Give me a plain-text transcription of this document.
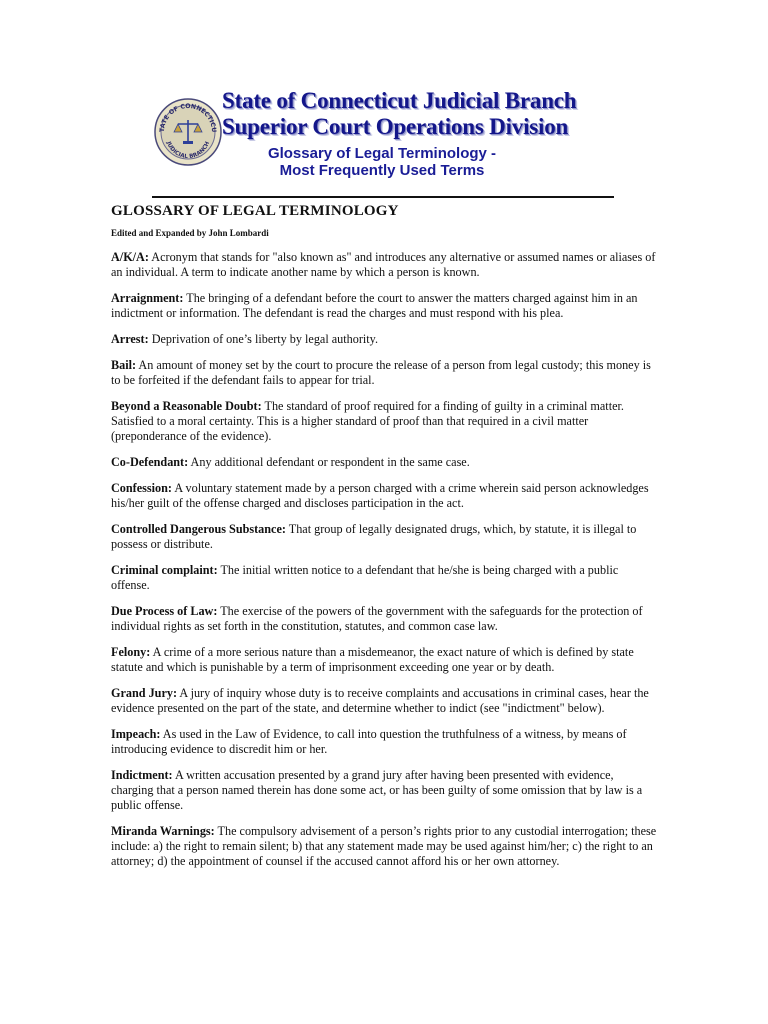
TATE OF CONNECTICU
JUDICIAL BRANCH
State of Connecticut Judicial Branch
Superior Court Operations Division
Glossary of Legal Terminology -
Most Frequently Used Terms
GLOSSARY OF LEGAL TERMINOLOGY

Edited and Expanded by John Lombardi

A/K/A: Acronym that stands for "also known as" and introduces any alternative or assumed names or aliases of an individual. A term to indicate another name by which a person is known.

Arraignment: The bringing of a defendant before the court to answer the matters charged against him in an indictment or information. The defendant is read the charges and must respond with his plea.

Arrest: Deprivation of one’s liberty by legal authority.

Bail: An amount of money set by the court to procure the release of a person from legal custody; this money is to be forfeited if the defendant fails to appear for trial.

Beyond a Reasonable Doubt: The standard of proof required for a finding of guilty in a criminal matter. Satisfied to a moral certainty. This is a higher standard of proof than that required in a civil matter (preponderance of the evidence).

Co-Defendant: Any additional defendant or respondent in the same case.

Confession: A voluntary statement made by a person charged with a crime wherein said person acknowledges his/her guilt of the offense charged and discloses participation in the act.

Controlled Dangerous Substance: That group of legally designated drugs, which, by statute, it is illegal to possess or distribute.

Criminal complaint: The initial written notice to a defendant that he/she is being charged with a public offense.

Due Process of Law: The exercise of the powers of the government with the safeguards for the protection of individual rights as set forth in the constitution, statutes, and common case law.

Felony: A crime of a more serious nature than a misdemeanor, the exact nature of which is defined by state statute and which is punishable by a term of imprisonment exceeding one year or by death.

Grand Jury: A jury of inquiry whose duty is to receive complaints and accusations in criminal cases, hear the evidence presented on the part of the state, and determine whether to indict (see "indictment" below).

Impeach: As used in the Law of Evidence, to call into question the truthfulness of a witness, by means of introducing evidence to discredit him or her.

Indictment: A written accusation presented by a grand jury after having been presented with evidence, charging that a person named therein has done some act, or has been guilty of some omission that by law is a public offense.

Miranda Warnings: The compulsory advisement of a person’s rights prior to any custodial interrogation; these include: a) the right to remain silent; b) that any statement made may be used against him/her; c) the right to an attorney; d) the appointment of counsel if the accused cannot afford his or her own attorney.
